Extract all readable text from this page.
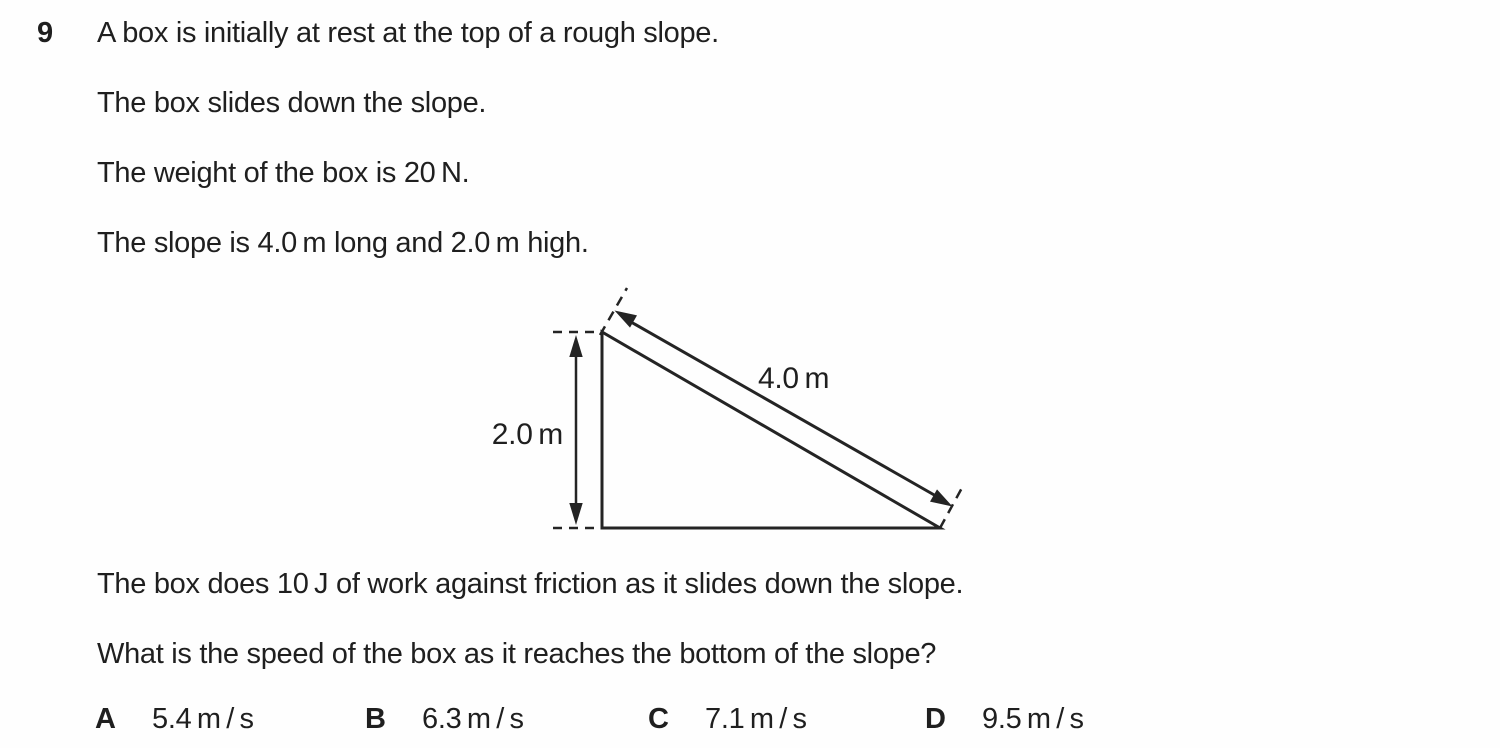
9 A box is initially at rest at the top of a rough slope.

The box slides down the slope.

The weight of the box is 20 N.

The slope is 4.0 m long and 2.0 m high.

2.0 m
4.0 m

The box does 10 J of work against friction as it slides down the slope.

What is the speed of the box as it reaches the bottom of the slope?

A 5.4 m / s	B 6.3 m / s	C 7.1 m / s	D 9.5 m / s
